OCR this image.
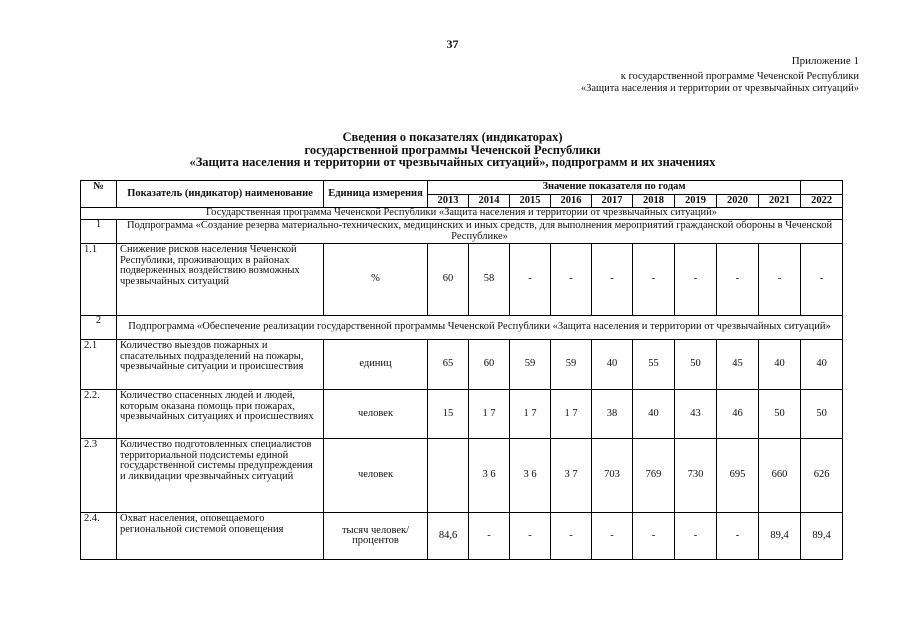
37
Приложение 1
к государственной программе Чеченской Республики
«Защита населения и территории от чрезвычайных ситуаций»
Сведения о показателях (индикаторах)
государственной программы Чеченской Республики
«Защита населения и территории от чрезвычайных ситуаций», подпрограмм и их значениях
№	Показатель (индикатор) наименование	Единица измерения	Значение показателя по годам									
			2013	2014	2015	2016	2017	2018	2019	2020	2021	2022
Государственная программа Чеченской Республики «Защита населения и территории от чрезвычайных ситуаций»												
1	Подпрограмма «Создание резерва материально-технических, медицинских и иных средств, для выполнения мероприятий гражданской обороны в Чеченской Республике»											
1.1	Снижение рисков населения Чеченской Республики, проживающих в районах подверженных воздействию возможных чрезвычайных ситуаций	%	60	58	-	-	-	-	-	-	-	-
2	Подпрограмма «Обеспечение реализации государственной программы Чеченской Республики «Защита населения и территории от чрезвычайных ситуаций»											
2.1	Количество выездов пожарных и спасательных подразделений на пожары, чрезвычайные ситуации и происшествия	единиц	65	60	59	59	40	55	50	45	40	40
2.2.	Количество спасенных людей и людей, которым оказана помощь при пожарах, чрезвычайных ситуациях и происшествиях	человек	15	1 7	1 7	1 7	38	40	43	46	50	50
2.3	Количество подготовленных специалистов территориальной подсистемы единой государственной системы предупреждения и ликвидации чрезвычайных ситуаций	человек		3 6	3 6	3 7	703	769	730	695	660	626
2.4.	Охват населения, оповещаемого региональной системой оповещения	тысяч человек/ процентов	84,6	-	-	-	-	-	-	-	89,4	89,4
